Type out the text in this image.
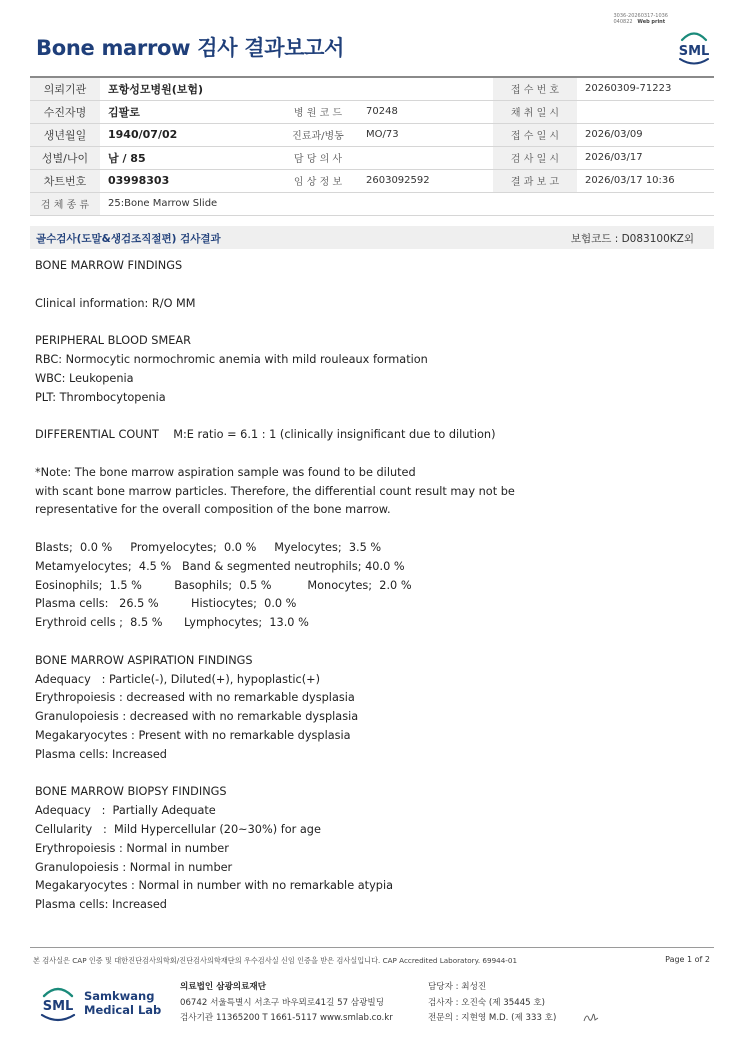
3036-20260317-1036
040822 Web print
Bone marrow 검사 결과보고서	SML
의뢰기관	포항성모병원(보험)			접 수 번 호	20260309-71223
수진자명	김팔로	병 원 코 드	70248	채 취 일 시	
생년월일	1940/07/02	진료과/병동	MO/73	접 수 일 시	2026/03/09
성별/나이	남 / 85	담 당 의 사		검 사 일 시	2026/03/17
차트번호	03998303	임 상 정 보	2603092592	결 과 보 고	2026/03/17 10:36
검 체 종 류	25:Bone Marrow Slide				
골수검사(도말&생검조직절편) 검사결과	보험코드 : D083100KZ외
BONE MARROW FINDINGS
Clinical information: R/O MM
PERIPHERAL BLOOD SMEAR
RBC: Normocytic normochromic anemia with mild rouleaux formation
WBC: Leukopenia
PLT: Thrombocytopenia
DIFFERENTIAL COUNT    M:E ratio = 6.1 : 1 (clinically insignificant due to dilution)
*Note: The bone marrow aspiration sample was found to be diluted
with scant bone marrow particles. Therefore, the differential count result may not be
representative for the overall composition of the bone marrow.
Blasts;  0.0 %     Promyelocytes;  0.0 %     Myelocytes;  3.5 %
Metamyelocytes;  4.5 %   Band & segmented neutrophils; 40.0 %
Eosinophils;  1.5 %         Basophils;  0.5 %          Monocytes;  2.0 %
Plasma cells:   26.5 %         Histiocytes;  0.0 %
Erythroid cells ;  8.5 %      Lymphocytes;  13.0 %
BONE MARROW ASPIRATION FINDINGS
Adequacy   : Particle(-), Diluted(+), hypoplastic(+)
Erythropoiesis : decreased with no remarkable dysplasia
Granulopoiesis : decreased with no remarkable dysplasia
Megakaryocytes : Present with no remarkable dysplasia
Plasma cells: Increased
BONE MARROW BIOPSY FINDINGS
Adequacy   :  Partially Adequate
Cellularity   :  Mild Hypercellular (20~30%) for age
Erythropoiesis : Normal in number
Granulopoiesis : Normal in number
Megakaryocytes : Normal in number with no remarkable atypia
Plasma cells: Increased
본 검사실은 CAP 인증 및 대한진단검사의학회/진단검사의학재단의 우수검사실 신임 인증을 받은 검사실입니다. CAP Accredited Laboratory. 69944-01	Page 1 of 2
SML
Samkwang
Medical Lab
의료법인 삼광의료재단
06742 서울특별시 서초구 바우뫼로41길 57 삼광빌딩
검사기관 11365200 T 1661-5117 www.smlab.co.kr
담당자 : 최성진
검사자 : 오진숙 (제 35445 호)
전문의 : 지현영 M.D. (제 333 호)
